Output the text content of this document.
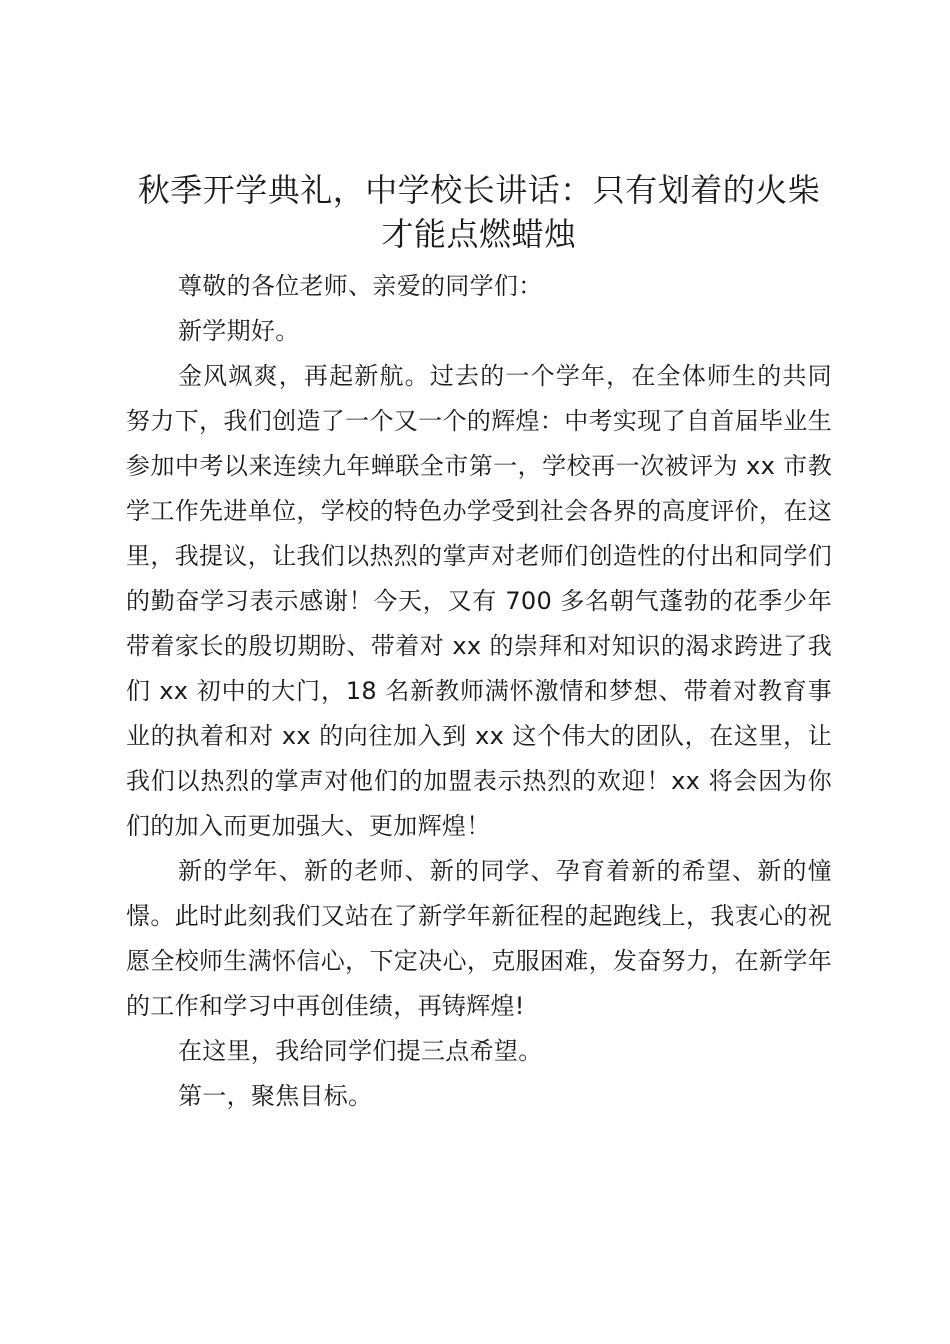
秋季开学典礼，中学校长讲话：只有划着的火柴才能点燃蜡烛

尊敬的各位老师、亲爱的同学们：

新学期好。

金风飒爽，再起新航。过去的一个学年，在全体师生的共同努力下，我们创造了一个又一个的辉煌：中考实现了自首届毕业生参加中考以来连续九年蝉联全市第一，学校再一次被评为 xx 市教学工作先进单位，学校的特色办学受到社会各界的高度评价，在这里，我提议，让我们以热烈的掌声对老师们创造性的付出和同学们的勤奋学习表示感谢！今天，又有 700 多名朝气蓬勃的花季少年带着家长的殷切期盼、带着对 xx 的崇拜和对知识的渴求跨进了我们 xx 初中的大门，18 名新教师满怀激情和梦想、带着对教育事业的执着和对 xx 的向往加入到 xx 这个伟大的团队，在这里，让我们以热烈的掌声对他们的加盟表示热烈的欢迎！xx 将会因为你们的加入而更加强大、更加辉煌！

新的学年、新的老师、新的同学、孕育着新的希望、新的憧憬。此时此刻我们又站在了新学年新征程的起跑线上，我衷心的祝愿全校师生满怀信心，下定决心，克服困难，发奋努力，在新学年的工作和学习中再创佳绩，再铸辉煌!

在这里，我给同学们提三点希望。

第一，聚焦目标。
